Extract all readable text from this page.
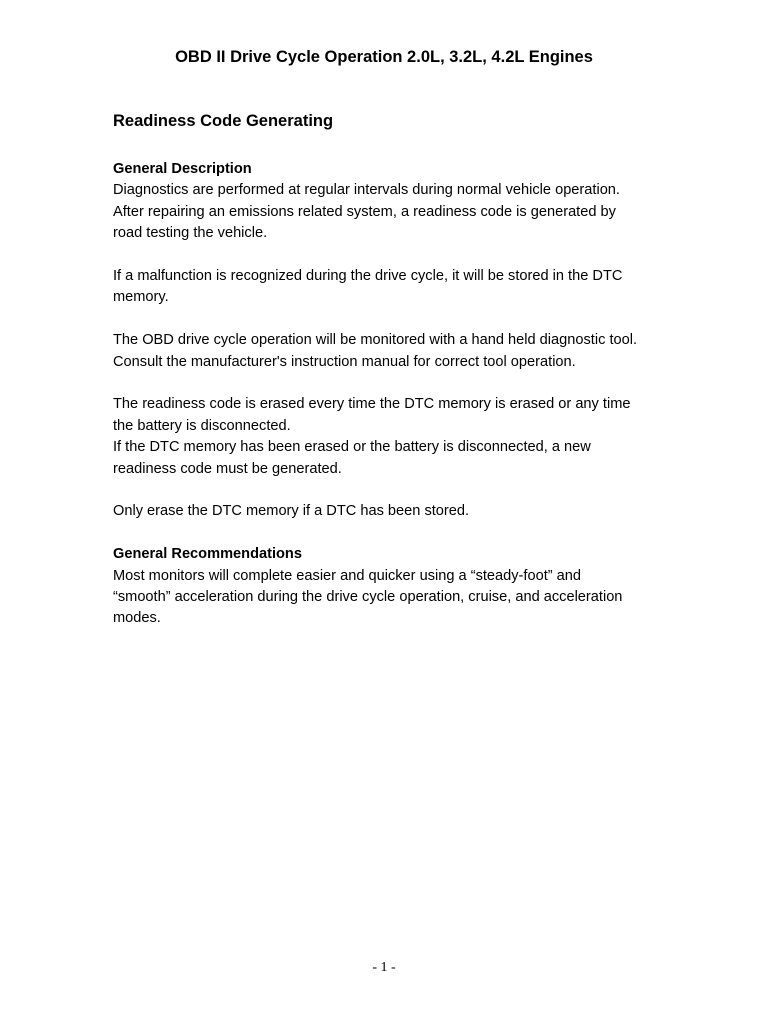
OBD II Drive Cycle Operation 2.0L, 3.2L, 4.2L Engines
Readiness Code Generating

General Description

Diagnostics are performed at regular intervals during normal vehicle operation.
After repairing an emissions related system, a readiness code is generated by
road testing the vehicle.

If a malfunction is recognized during the drive cycle, it will be stored in the DTC
memory.

The OBD drive cycle operation will be monitored with a hand held diagnostic tool.
Consult the manufacturer's instruction manual for correct tool operation.

The readiness code is erased every time the DTC memory is erased or any time
the battery is disconnected.
If the DTC memory has been erased or the battery is disconnected, a new
readiness code must be generated.

Only erase the DTC memory if a DTC has been stored.

General Recommendations

Most monitors will complete easier and quicker using a “steady-foot” and
“smooth” acceleration during the drive cycle operation, cruise, and acceleration
modes.

- 1 -
